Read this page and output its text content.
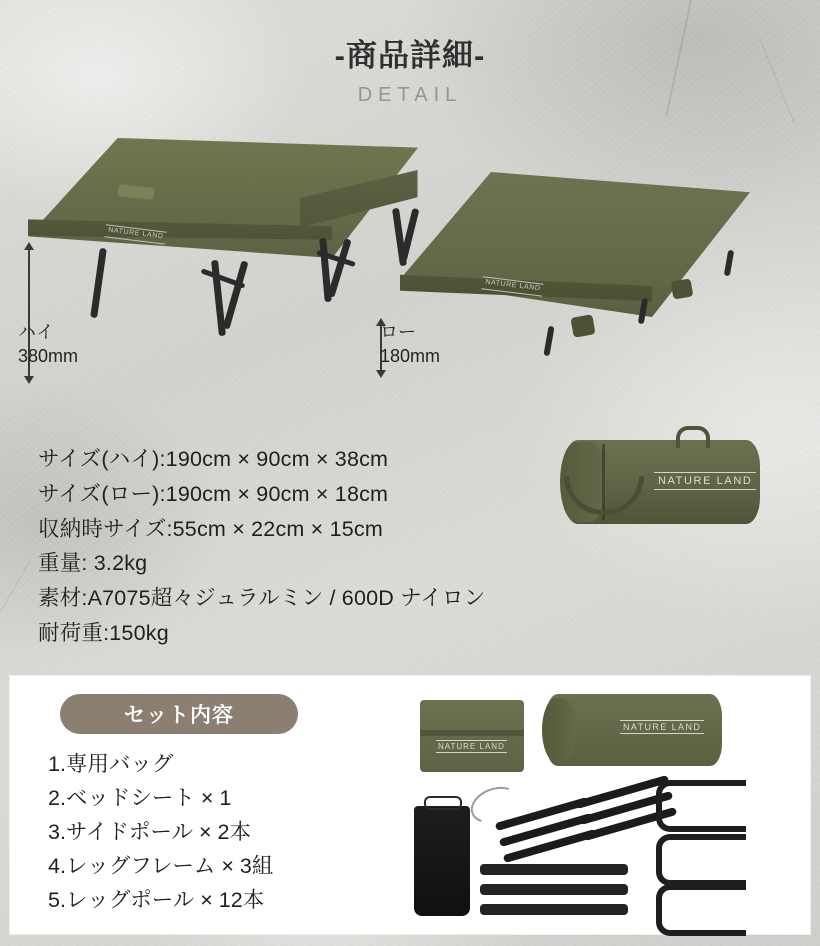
-商品詳細-
DETAIL
NATURE LAND
NATURE LAND
ハイ
380mm
ロー
180mm
サイズ(ハイ):190cm × 90cm × 38cm
サイズ(ロー):190cm × 90cm × 18cm
収納時サイズ:55cm × 22cm × 15cm
重量: 3.2kg
素材:A7075超々ジュラルミン / 600D ナイロン
耐荷重:150kg
NATURE LAND
セット内容
1.専用バッグ
2.ベッドシート × 1
3.サイドポール × 2本
4.レッグフレーム × 3組
5.レッグポール × 12本
NATURE LAND
NATURE LAND
